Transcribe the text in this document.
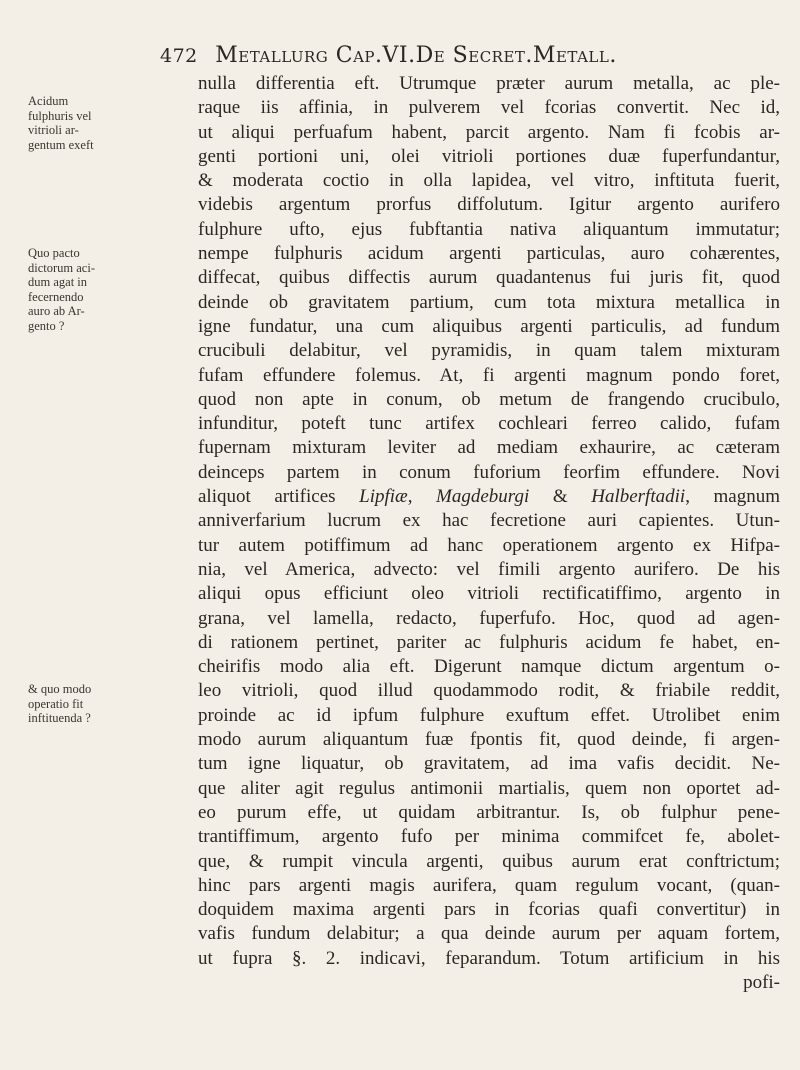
472 Metallurg Cap.VI.De Secret.Metall.
Acidum
fulphuris vel
vitrioli ar-
gentum exeft
Quo pacto
dictorum aci-
dum agat in
fecernendo
auro ab Ar-
gento ?
& quo modo
operatio fit
inftituenda ?
nulla differentia eft. Utrumque præter aurum metalla, ac ple-
raque iis affinia, in pulverem vel fcorias convertit. Nec id,
ut aliqui perfuafum habent, parcit argento. Nam fi fcobis ar-
genti portioni uni, olei vitrioli portiones duæ fuperfundantur,
& moderata coctio in olla lapidea, vel vitro, inftituta fuerit,
videbis argentum prorfus diffolutum. Igitur argento aurifero
fulphure ufto, ejus fubftantia nativa aliquantum immutatur;
nempe fulphuris acidum argenti particulas, auro cohærentes,
diffecat, quibus diffectis aurum quadantenus fui juris fit, quod
deinde ob gravitatem partium, cum tota mixtura metallica in
igne fundatur, una cum aliquibus argenti particulis, ad fundum
crucibuli delabitur, vel pyramidis, in quam talem mixturam
fufam effundere folemus. At, fi argenti magnum pondo foret,
quod non apte in conum, ob metum de frangendo crucibulo,
infunditur, poteft tunc artifex cochleari ferreo calido, fufam
fupernam mixturam leviter ad mediam exhaurire, ac cæteram
deinceps partem in conum fuforium feorfim effundere. Novi
aliquot artifices Lipfiæ, Magdeburgi & Halberftadii, magnum
anniverfarium lucrum ex hac fecretione auri capientes. Utun-
tur autem potiffimum ad hanc operationem argento ex Hifpa-
nia, vel America, advecto: vel fimili argento aurifero. De his
aliqui opus efficiunt oleo vitrioli rectificatiffimo, argento in
grana, vel lamella, redacto, fuperfufo. Hoc, quod ad agen-
di rationem pertinet, pariter ac fulphuris acidum fe habet, en-
cheirifis modo alia eft. Digerunt namque dictum argentum o-
leo vitrioli, quod illud quodammodo rodit, & friabile reddit,
proinde ac id ipfum fulphure exuftum effet. Utrolibet enim
modo aurum aliquantum fuæ fpontis fit, quod deinde, fi argen-
tum igne liquatur, ob gravitatem, ad ima vafis decidit. Ne-
que aliter agit regulus antimonii martialis, quem non oportet ad-
eo purum effe, ut quidam arbitrantur. Is, ob fulphur pene-
trantiffimum, argento fufo per minima commifcet fe, abolet-
que, & rumpit vincula argenti, quibus aurum erat conftrictum;
hinc pars argenti magis aurifera, quam regulum vocant, (quan-
doquidem maxima argenti pars in fcorias quafi convertitur) in
vafis fundum delabitur; a qua deinde aurum per aquam fortem,
ut fupra §. 2. indicavi, feparandum. Totum artificium in his
pofi-
